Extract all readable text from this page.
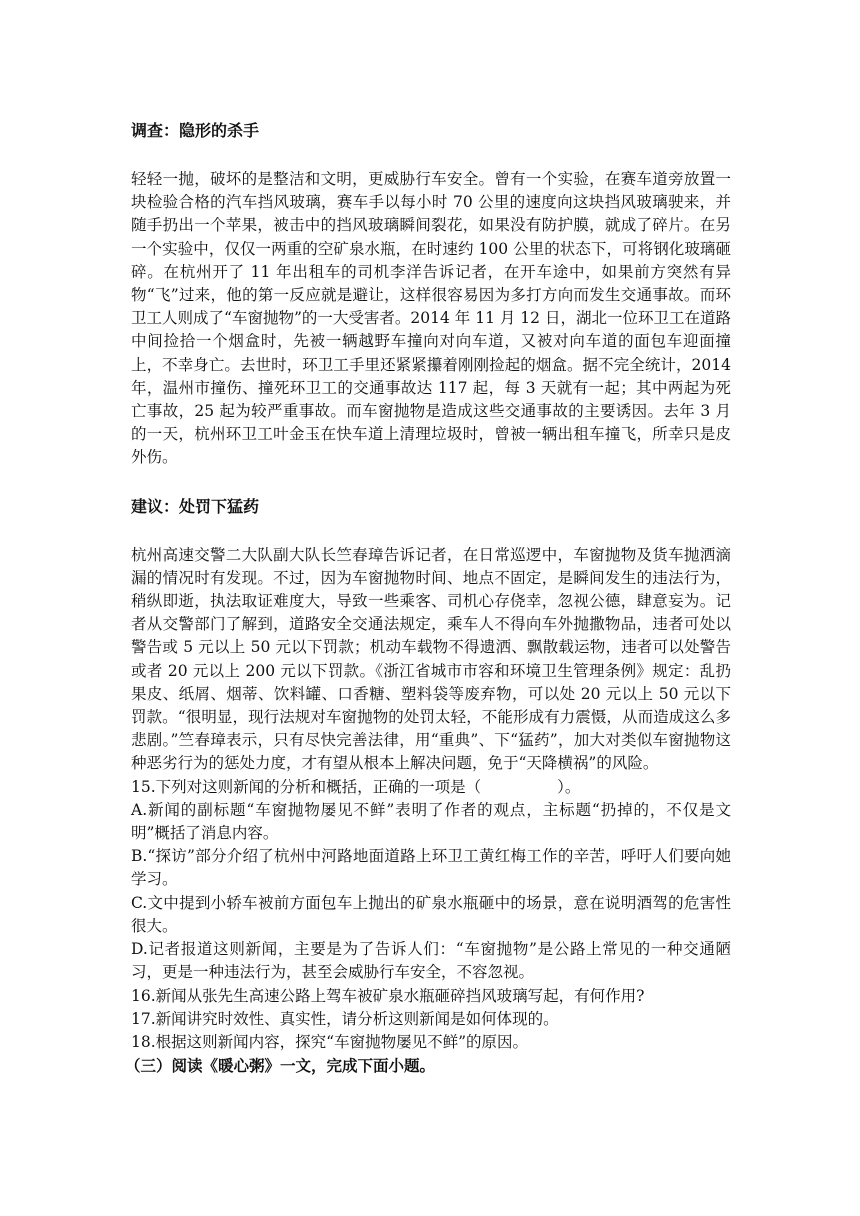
调查：隐形的杀手

轻轻一抛，破坏的是整洁和文明，更威胁行车安全。曾有一个实验，在赛车道旁放置一块检验合格的汽车挡风玻璃，赛车手以每小时 70 公里的速度向这块挡风玻璃驶来，并随手扔出一个苹果，被击中的挡风玻璃瞬间裂花，如果没有防护膜，就成了碎片。在另一个实验中，仅仅一两重的空矿泉水瓶，在时速约 100 公里的状态下，可将钢化玻璃砸碎。在杭州开了 11 年出租车的司机李洋告诉记者，在开车途中，如果前方突然有异物“飞”过来，他的第一反应就是避让，这样很容易因为多打方向而发生交通事故。而环卫工人则成了“车窗抛物”的一大受害者。2014 年 11 月 12 日，湖北一位环卫工在道路中间捡拾一个烟盒时，先被一辆越野车撞向对向车道，又被对向车道的面包车迎面撞上，不幸身亡。去世时，环卫工手里还紧紧攥着刚刚捡起的烟盒。据不完全统计，2014 年，温州市撞伤、撞死环卫工的交通事故达 117 起，每 3 天就有一起；其中两起为死亡事故，25 起为较严重事故。而车窗抛物是造成这些交通事故的主要诱因。去年 3 月的一天，杭州环卫工叶金玉在快车道上清理垃圾时，曾被一辆出租车撞飞，所幸只是皮外伤。

建议：处罚下猛药

杭州高速交警二大队副大队长竺春璋告诉记者，在日常巡逻中，车窗抛物及货车抛洒滴漏的情况时有发现。不过，因为车窗抛物时间、地点不固定，是瞬间发生的违法行为，稍纵即逝，执法取证难度大，导致一些乘客、司机心存侥幸，忽视公德，肆意妄为。记者从交警部门了解到，道路安全交通法规定，乘车人不得向车外抛撒物品，违者可处以警告或 5 元以上 50 元以下罚款；机动车载物不得遗洒、飘散载运物，违者可以处警告或者 20 元以上 200 元以下罚款。《浙江省城市市容和环境卫生管理条例》规定：乱扔果皮、纸屑、烟蒂、饮料罐、口香糖、塑料袋等废弃物，可以处 20 元以上 50 元以下罚款。“很明显，现行法规对车窗抛物的处罚太轻，不能形成有力震慑，从而造成这么多悲剧。”竺春璋表示，只有尽快完善法律，用“重典”、下“猛药”，加大对类似车窗抛物这种恶劣行为的惩处力度，才有望从根本上解决问题，免于“天降横祸”的风险。

15.下列对这则新闻的分析和概括，正确的一项是（	）。

A.新闻的副标题“车窗抛物屡见不鲜”表明了作者的观点，主标题“扔掉的，不仅是文明”概括了消息内容。

B.“探访”部分介绍了杭州中河路地面道路上环卫工黄红梅工作的辛苦，呼吁人们要向她学习。

C.文中提到小轿车被前方面包车上抛出的矿泉水瓶砸中的场景，意在说明酒驾的危害性很大。

D.记者报道这则新闻，主要是为了告诉人们：“车窗抛物”是公路上常见的一种交通陋习，更是一种违法行为，甚至会威胁行车安全，不容忽视。

16.新闻从张先生高速公路上驾车被矿泉水瓶砸碎挡风玻璃写起，有何作用?

17.新闻讲究时效性、真实性，请分析这则新闻是如何体现的。

18.根据这则新闻内容，探究“车窗抛物屡见不鲜”的原因。

（三）阅读《暖心粥》一文，完成下面小题。
